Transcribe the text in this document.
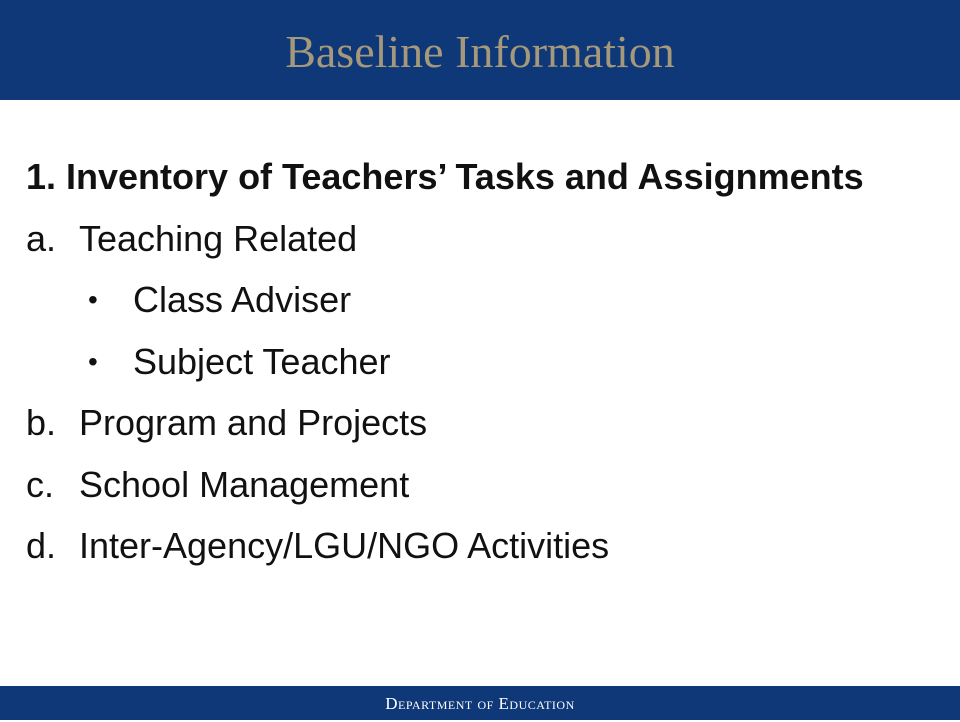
Baseline Information
1. Inventory of Teachers’ Tasks and Assignments
a. Teaching Related
• Class Adviser
• Subject Teacher
b. Program and Projects
c. School Management
d. Inter-Agency/LGU/NGO Activities
Department of Education
